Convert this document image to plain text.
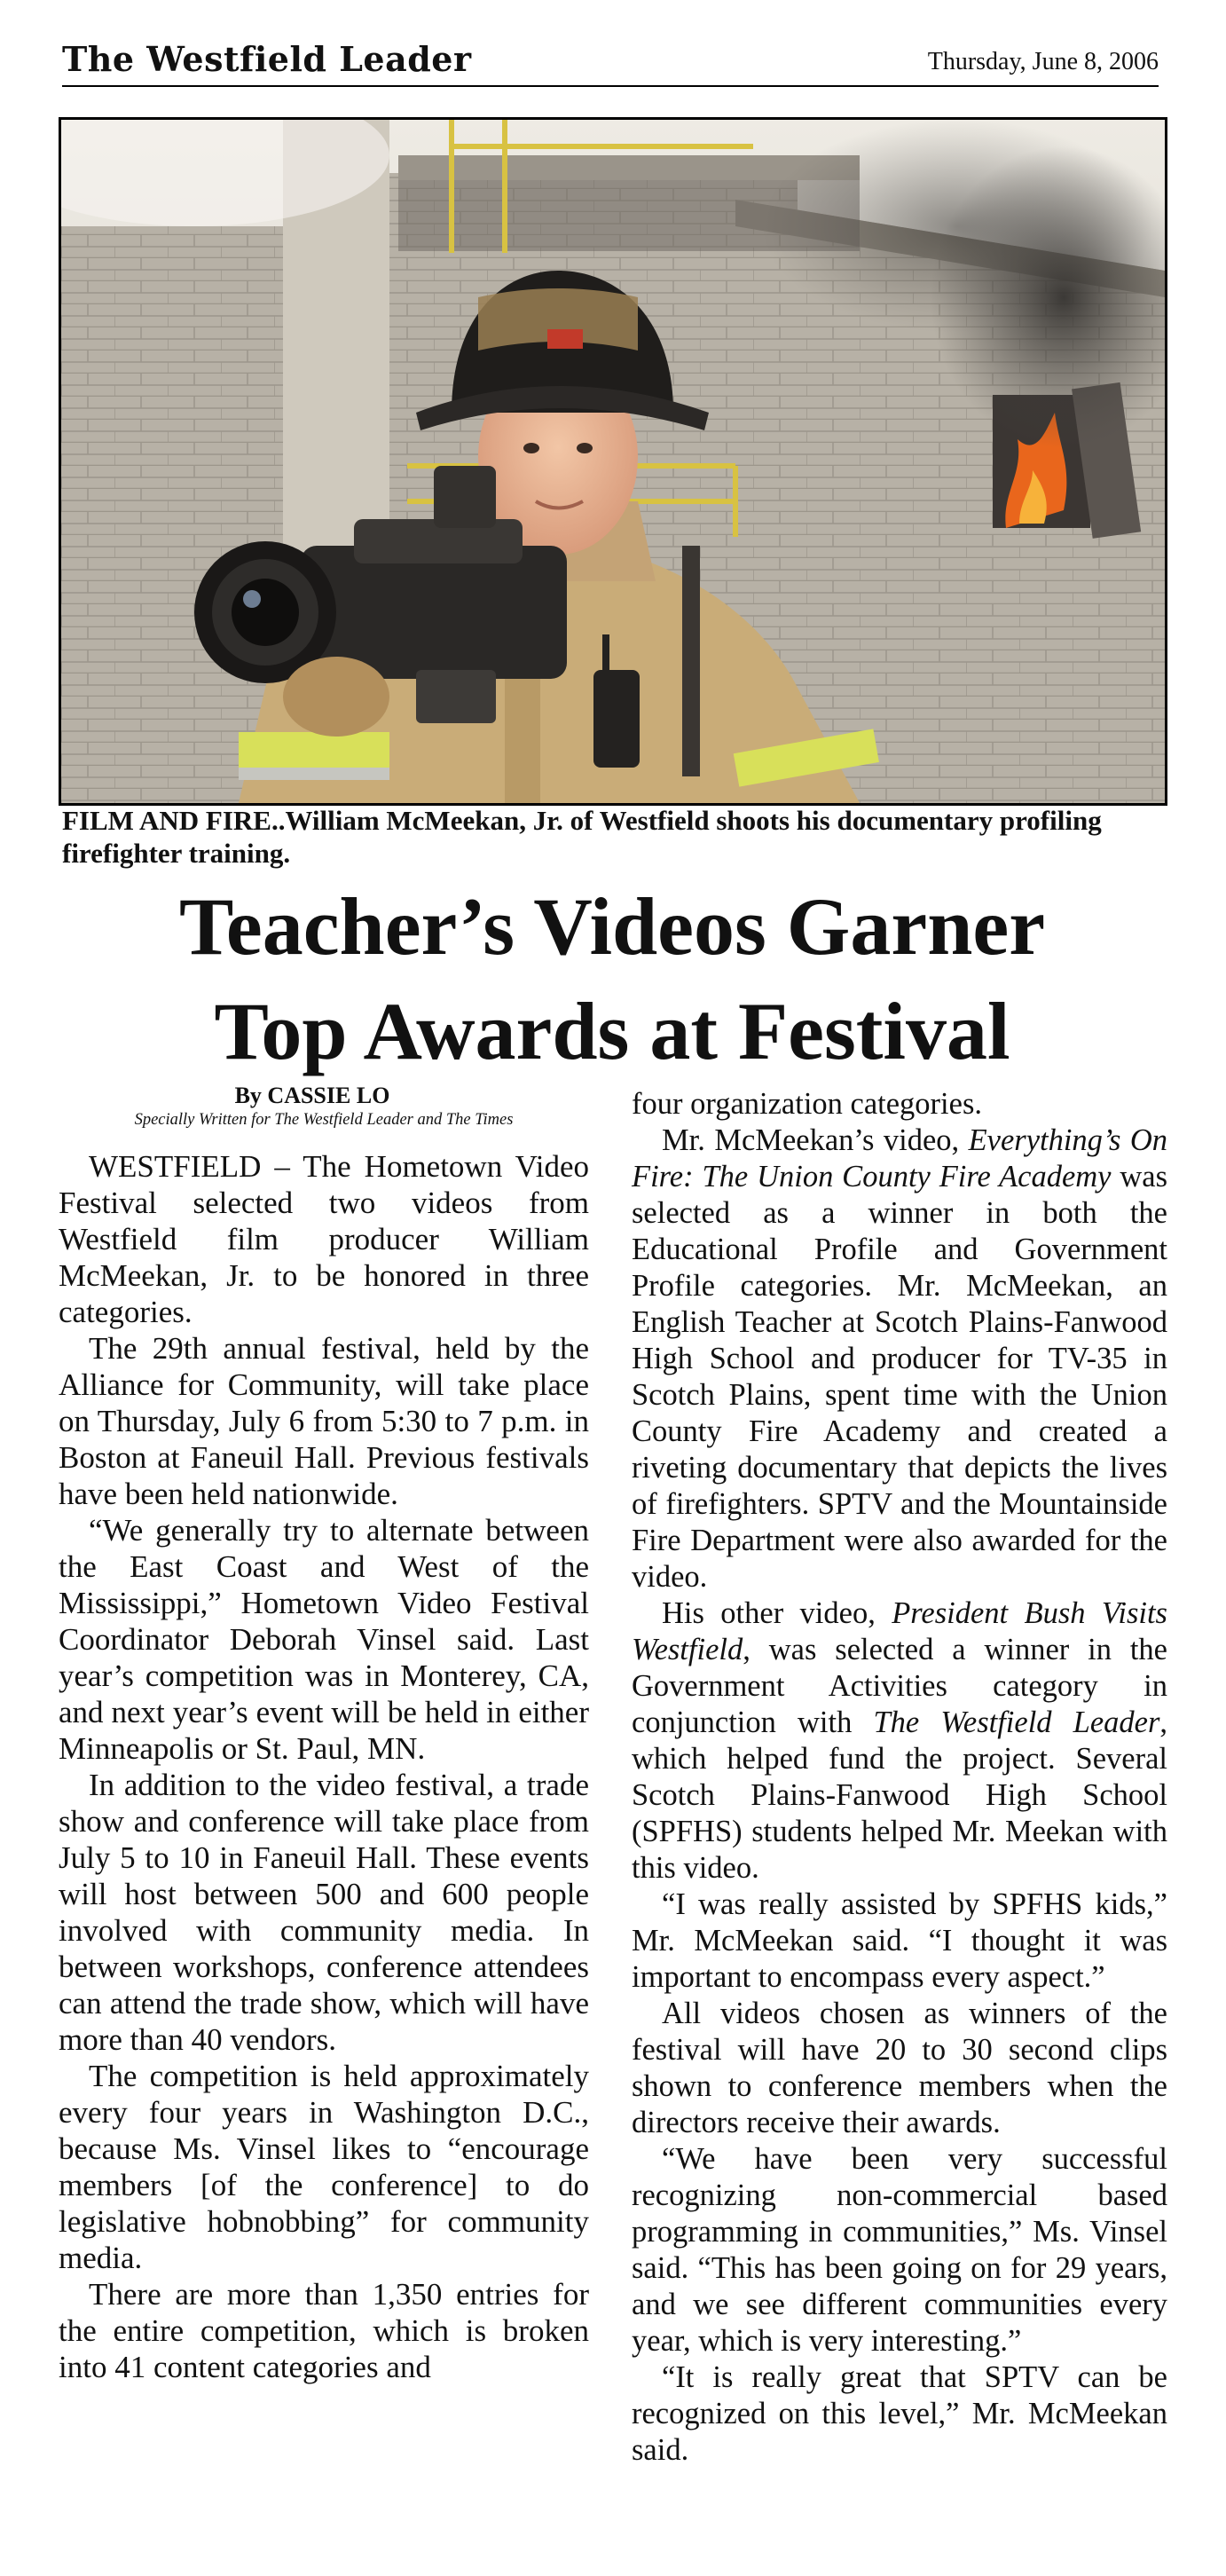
The Westfield Leader	Thursday, June 8, 2006
FILM AND FIRE..William McMeekan, Jr. of Westfield shoots his documentary profiling firefighter training.
Teacher’s Videos Garner
Top Awards at Festival
By CASSIE LO
Specially Written for The Westfield Leader and The Times

WESTFIELD – The Hometown Video Festival selected two videos from Westfield film producer William McMeekan, Jr. to be honored in three categories.

The 29th annual festival, held by the Alliance for Community, will take place on Thursday, July 6 from 5:30 to 7 p.m. in Boston at Faneuil Hall. Previous festivals have been held nationwide.

“We generally try to alternate between the East Coast and West of the Mississippi,” Hometown Video Festival Coordinator Deborah Vinsel said. Last year’s competition was in Monterey, CA, and next year’s event will be held in either Minneapolis or St. Paul, MN.

In addition to the video festival, a trade show and conference will take place from July 5 to 10 in Faneuil Hall. These events will host between 500 and 600 people involved with community media. In between workshops, conference attendees can attend the trade show, which will have more than 40 vendors.

The competition is held approximately every four years in Washington D.C., because Ms. Vinsel likes to “encourage members [of the conference] to do legislative hobnobbing” for community media.

There are more than 1,350 entries for the entire competition, which is broken into 41 content categories and

four organization categories.

Mr. McMeekan’s video, Everything’s On Fire: The Union County Fire Academy was selected as a winner in both the Educational Profile and Government Profile categories. Mr. McMeekan, an English Teacher at Scotch Plains-Fanwood High School and producer for TV-35 in Scotch Plains, spent time with the Union County Fire Academy and created a riveting documentary that depicts the lives of firefighters. SPTV and the Mountainside Fire Department were also awarded for the video.

His other video, President Bush Visits Westfield, was selected a winner in the Government Activities category in conjunction with The Westfield Leader, which helped fund the project. Several Scotch Plains-Fanwood High School (SPFHS) students helped Mr. Meekan with this video.

“I was really assisted by SPFHS kids,” Mr. McMeekan said. “I thought it was important to encompass every aspect.”

All videos chosen as winners of the festival will have 20 to 30 second clips shown to conference members when the directors receive their awards.

“We have been very successful recognizing non-commercial based programming in communities,” Ms. Vinsel said. “This has been going on for 29 years, and we see different communities every year, which is very interesting.”

“It is really great that SPTV can be recognized on this level,” Mr. McMeekan said.
